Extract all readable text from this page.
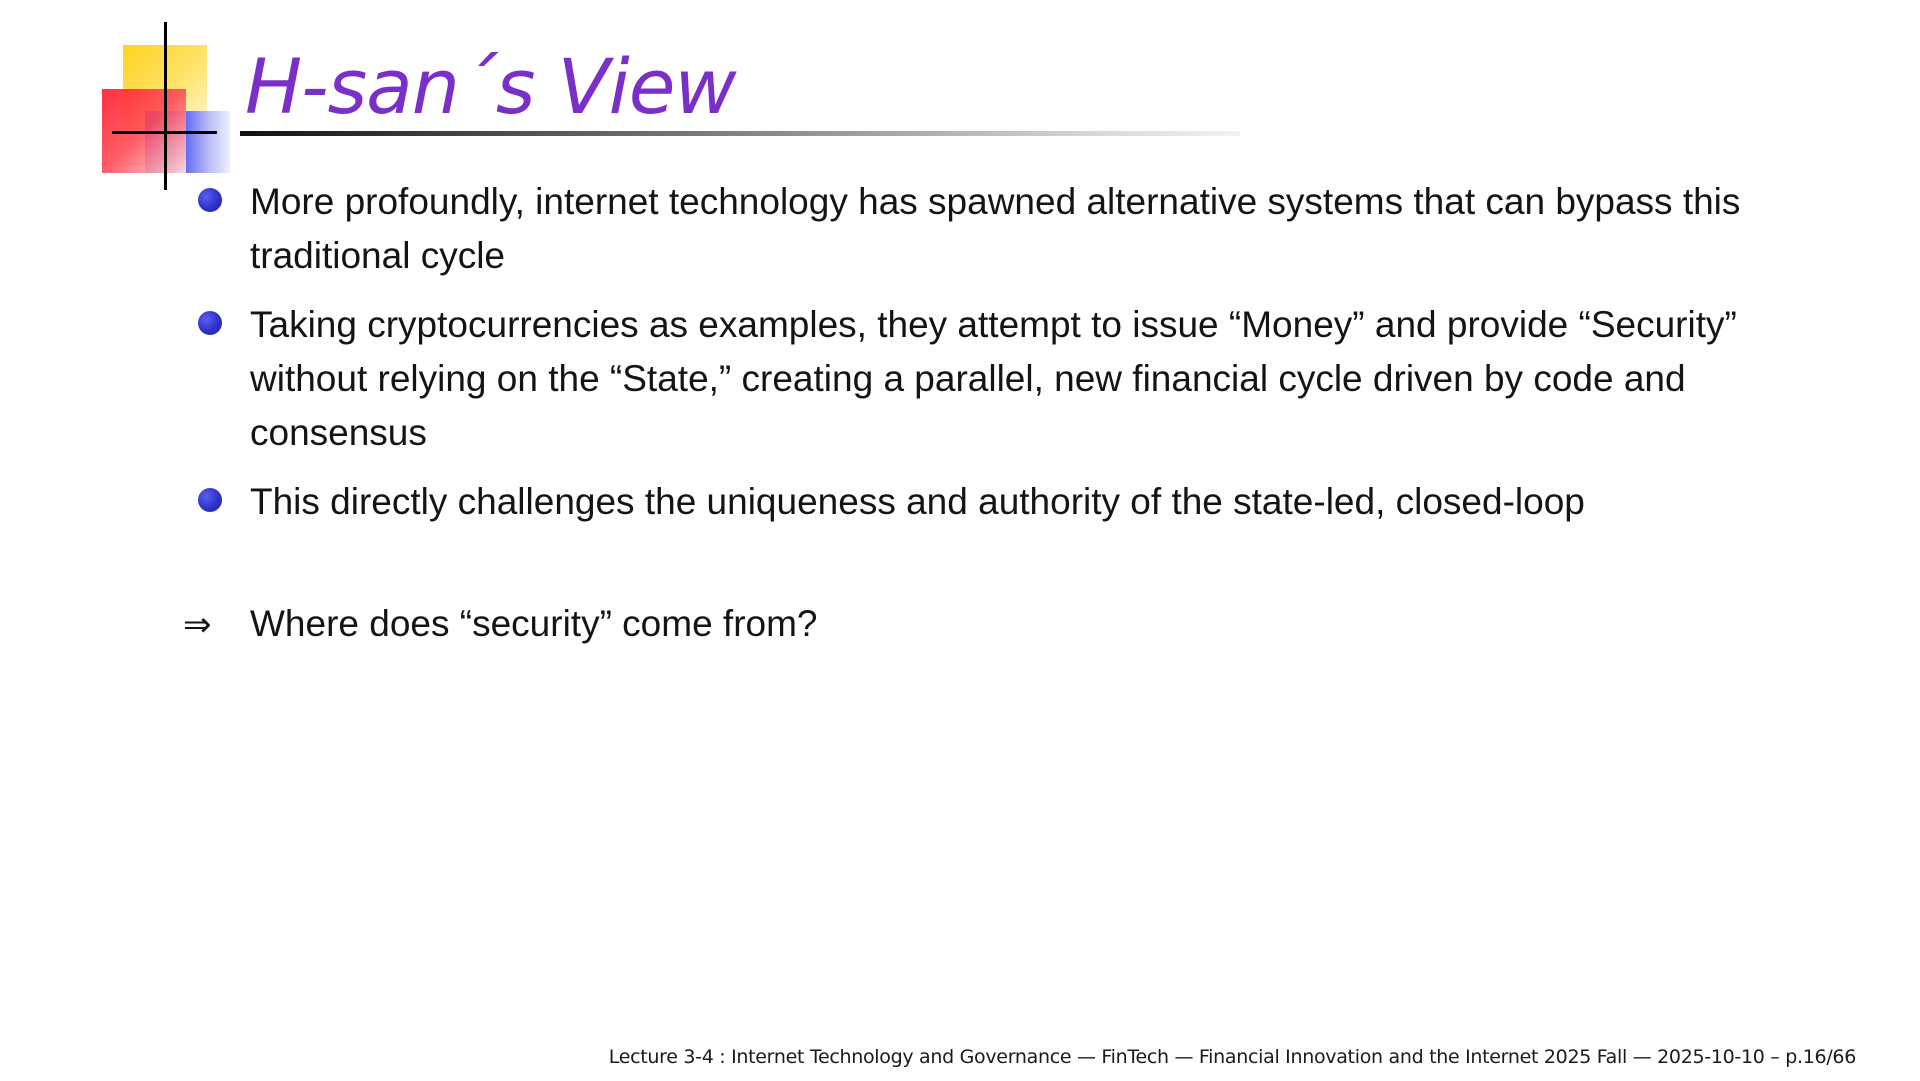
H-san´s View
More profoundly, internet technology has spawned alternative systems that can bypass this traditional cycle
Taking cryptocurrencies as examples, they attempt to issue “Money” and provide “Security” without relying on the “State,” creating a parallel, new financial cycle driven by code and consensus
This directly challenges the uniqueness and authority of the state-led, closed-loop
⇒ Where does “security” come from?
Lecture 3-4 : Internet Technology and Governance — FinTech — Financial Innovation and the Internet 2025 Fall — 2025-10-10 – p.16/66
